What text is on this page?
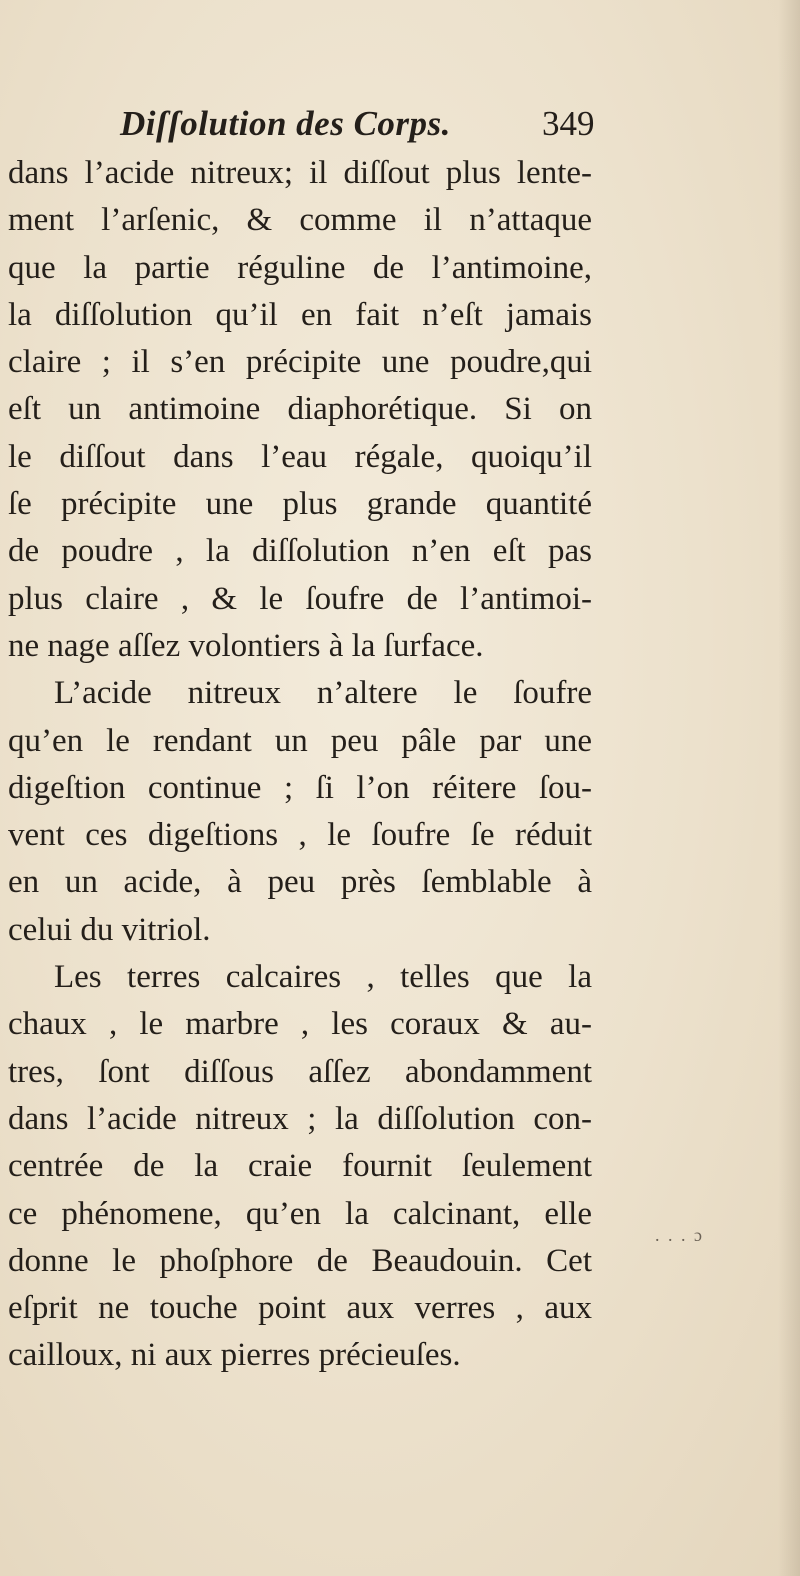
Diſſolution des Corps.	349
dans l’acide nitreux; il diſſout plus lente-
ment l’arſenic, & comme il n’attaque
que la partie réguline de l’antimoine,
la diſſolution qu’il en fait n’eſt jamais
claire ; il s’en précipite une poudre,qui
eſt un antimoine diaphorétique. Si on
le diſſout dans l’eau régale, quoiqu’il
ſe précipite une plus grande quantité
de poudre , la diſſolution n’en eſt pas
plus claire , & le ſoufre de l’antimoi-
ne nage aſſez volontiers à la ſurface.
L’acide nitreux n’altere le ſoufre
qu’en le rendant un peu pâle par une
digeſtion continue ; ſi l’on réitere ſou-
vent ces digeſtions , le ſoufre ſe réduit
en un acide, à peu près ſemblable à
celui du vitriol.
Les terres calcaires , telles que la
chaux , le marbre , les coraux & au-
tres, ſont diſſous aſſez abondamment
dans l’acide nitreux ; la diſſolution con-
centrée de la craie fournit ſeulement
ce phénomene, qu’en la calcinant, elle
donne le phoſphore de Beaudouin. Cet
eſprit ne touche point aux verres , aux
cailloux, ni aux pierres précieuſes.
. . . ɔ
